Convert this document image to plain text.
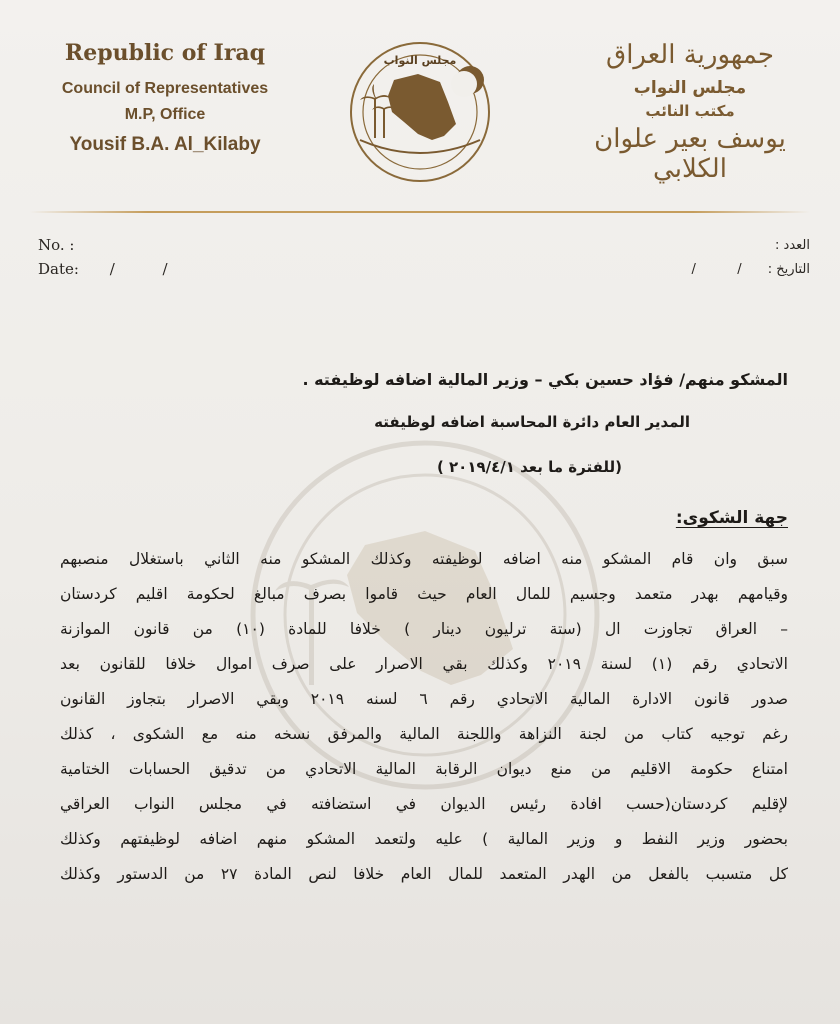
Republic of Iraq
Council of Representatives
M.P, Office
Yousif B.A. Al_Kilaby
مجلس النواب	جمهورية العراق
مجلس النواب
مكتب النائب
يوسف بعير علوان الكلابي
No. :
Date: /          /
العدد :
التاريخ : /          /
المشكو منهم/ فؤاد حسين بكي – وزير المالية اضافه لوظيفته .
المدير العام دائرة المحاسبة اضافه لوظيفته
(للفترة ما بعد ٢٠١٩/٤/١ )
جهة الشكوى:
سبق وان قام المشكو منه اضافه لوظيفته وكذلك المشكو منه الثاني باستغلال منصبهم
وقيامهم بهدر متعمد وجسيم للمال العام حيث قاموا بصرف مبالغ لحكومة اقليم كردستان
– العراق تجاوزت ال (ستة ترليون دينار ) خلافا للمادة (١٠) من قانون الموازنة
الاتحادي رقم (١) لسنة ٢٠١٩ وكذلك بقي الاصرار على صرف اموال خلافا للقانون بعد
صدور قانون الادارة المالية الاتحادي رقم ٦ لسنه ٢٠١٩ وبقي الاصرار بتجاوز القانون
رغم توجيه كتاب من لجنة النزاهة واللجنة المالية والمرفق نسخه منه مع الشكوى ، كذلك
امتناع حكومة الاقليم من منع ديوان الرقابة المالية الاتحادي من تدقيق الحسابات الختامية
لإقليم كردستان(حسب افادة رئيس الديوان في استضافته في مجلس النواب العراقي
بحضور وزير النفط و وزير المالية ) عليه ولتعمد المشكو منهم اضافه لوظيفتهم وكذلك
كل متسبب بالفعل من الهدر المتعمد للمال العام خلافا لنص المادة ٢٧ من الدستور وكذلك
